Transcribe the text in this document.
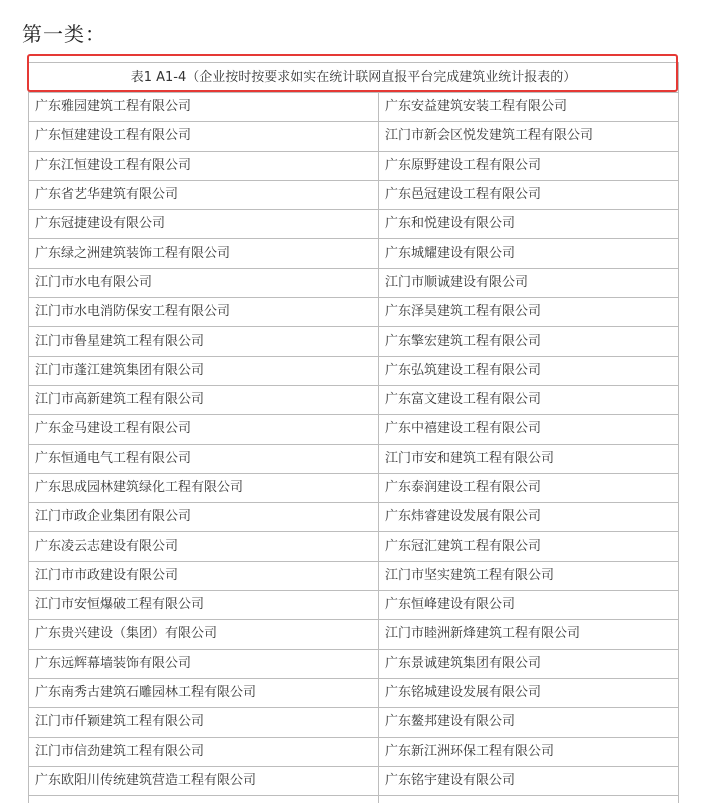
第一类：
表1 A1-4（企业按时按要求如实在统计联网直报平台完成建筑业统计报表的）	
广东雅园建筑工程有限公司	广东安益建筑安装工程有限公司
广东恒建建设工程有限公司	江门市新会区悦发建筑工程有限公司
广东江恒建设工程有限公司	广东原野建设工程有限公司
广东省艺华建筑有限公司	广东邑冠建设工程有限公司
广东冠捷建设有限公司	广东和悦建设有限公司
广东绿之洲建筑装饰工程有限公司	广东城耀建设有限公司
江门市水电有限公司	江门市顺诚建设有限公司
江门市水电消防保安工程有限公司	广东泽昊建筑工程有限公司
江门市鲁星建筑工程有限公司	广东擎宏建筑工程有限公司
江门市蓬江建筑集团有限公司	广东弘筑建设工程有限公司
江门市高新建筑工程有限公司	广东富文建设工程有限公司
广东金马建设工程有限公司	广东中禧建设工程有限公司
广东恒通电气工程有限公司	江门市安和建筑工程有限公司
广东思成园林建筑绿化工程有限公司	广东泰润建设工程有限公司
江门市政企业集团有限公司	广东炜睿建设发展有限公司
广东凌云志建设有限公司	广东冠汇建筑工程有限公司
江门市市政建设有限公司	江门市坚实建筑工程有限公司
江门市安恒爆破工程有限公司	广东恒峰建设有限公司
广东贵兴建设（集团）有限公司	江门市睦洲新烽建筑工程有限公司
广东远辉幕墙装饰有限公司	广东景诚建筑集团有限公司
广东南秀古建筑石雕园林工程有限公司	广东铭城建设发展有限公司
江门市仟颖建筑工程有限公司	广东鳌邦建设有限公司
江门市信劲建筑工程有限公司	广东新江洲环保工程有限公司
广东欧阳川传统建筑营造工程有限公司	广东铭宇建设有限公司
